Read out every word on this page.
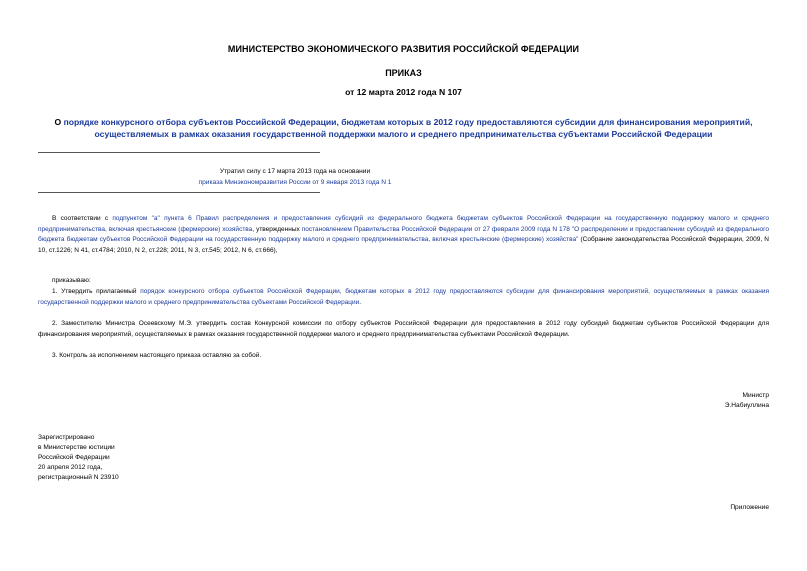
МИНИСТЕРСТВО ЭКОНОМИЧЕСКОГО РАЗВИТИЯ РОССИЙСКОЙ ФЕДЕРАЦИИ
ПРИКАЗ
от 12 марта 2012 года N 107
О порядке конкурсного отбора субъектов Российской Федерации, бюджетам которых в 2012 году предоставляются субсидии для финансирования мероприятий, осуществляемых в рамках оказания государственной поддержки малого и среднего предпринимательства субъектами Российской Федерации
Утратил силу с 17 марта 2013 года на основании
приказа Минэкономразвития России от 9 января 2013 года N 1
В соответствии с подпунктом "а" пункта 6 Правил распределения и предоставления субсидий из федерального бюджета бюджетам субъектов Российской Федерации на государственную поддержку малого и среднего предпринимательства, включая крестьянские (фермерские) хозяйства, утвержденных постановлением Правительства Российской Федерации от 27 февраля 2009 года N 178 "О распределении и предоставлении субсидий из федерального бюджета бюджетам субъектов Российской Федерации на государственную поддержку малого и среднего предпринимательства, включая крестьянские (фермерские) хозяйства" (Собрание законодательства Российской Федерации, 2009, N 10, ст.1226; N 41, ст.4784; 2010, N 2, ст.228; 2011, N 3, ст.545; 2012, N 6, ст.666),
приказываю:
1. Утвердить прилагаемый порядок конкурсного отбора субъектов Российской Федерации, бюджетам которых в 2012 году предоставляются субсидии для финансирования мероприятий, осуществляемых в рамках оказания государственной поддержки малого и среднего предпринимательства субъектами Российской Федерации.
2. Заместителю Министра Осеевскому М.Э. утвердить состав Конкурсной комиссии по отбору субъектов Российской Федерации для предоставления в 2012 году субсидий бюджетам субъектов Российской Федерации для финансирования мероприятий, осуществляемых в рамках оказания государственной поддержки малого и среднего предпринимательства субъектами Российской Федерации.
3. Контроль за исполнением настоящего приказа оставляю за собой.
Министр
Э.Набиуллина
Зарегистрировано
в Министерстве юстиции
Российской Федерации
20 апреля 2012 года,
регистрационный N 23910
Приложение
